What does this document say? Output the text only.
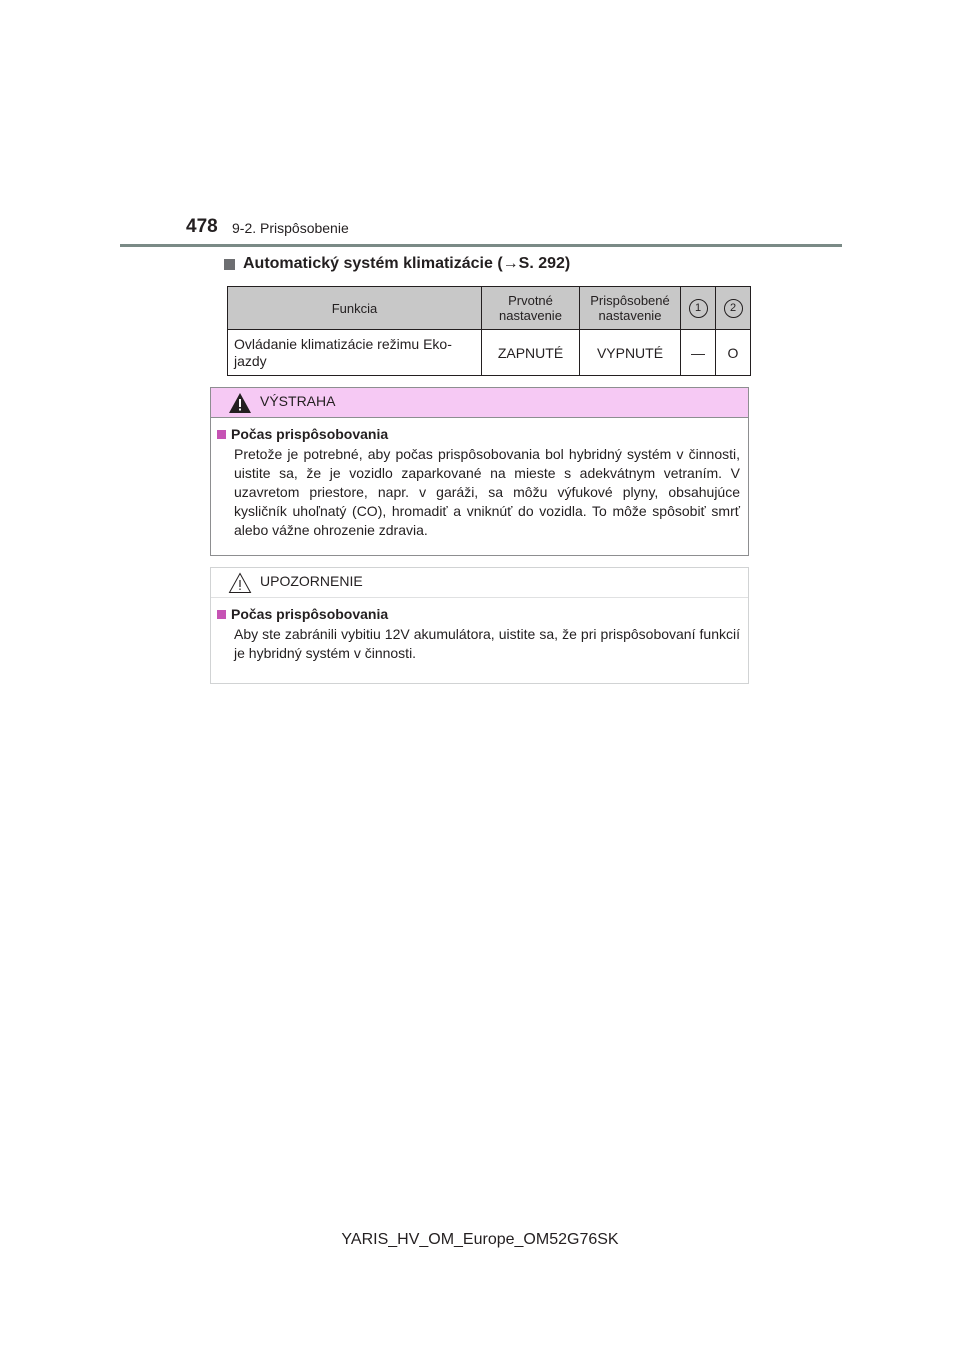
478 9-2. Prispôsobenie
Automatický systém klimatizácie (→S. 292)
Funkcia	Prvotné nastavenie	Prispôsobené nastavenie	1	2
Ovládanie klimatizácie režimu Eko-jazdy	ZAPNUTÉ	VYPNUTÉ	—	O
VÝSTRAHA
Počas prispôsobovania

Pretože je potrebné, aby počas prispôsobovania bol hybridný systém v činnosti, uistite sa, že je vozidlo zaparkované na mieste s adekvátnym vetraním. V uzavretom priestore, napr. v garáži, sa môžu výfukové plyny, obsahujúce kysličník uhoľnatý (CO), hromadiť a vniknúť do vozidla. To môže spôsobiť smrť alebo vážne ohrozenie zdravia.

UPOZORNENIE
Počas prispôsobovania

Aby ste zabránili vybitiu 12V akumulátora, uistite sa, že pri prispôsobovaní funkcií je hybridný systém v činnosti.

YARIS_HV_OM_Europe_OM52G76SK
